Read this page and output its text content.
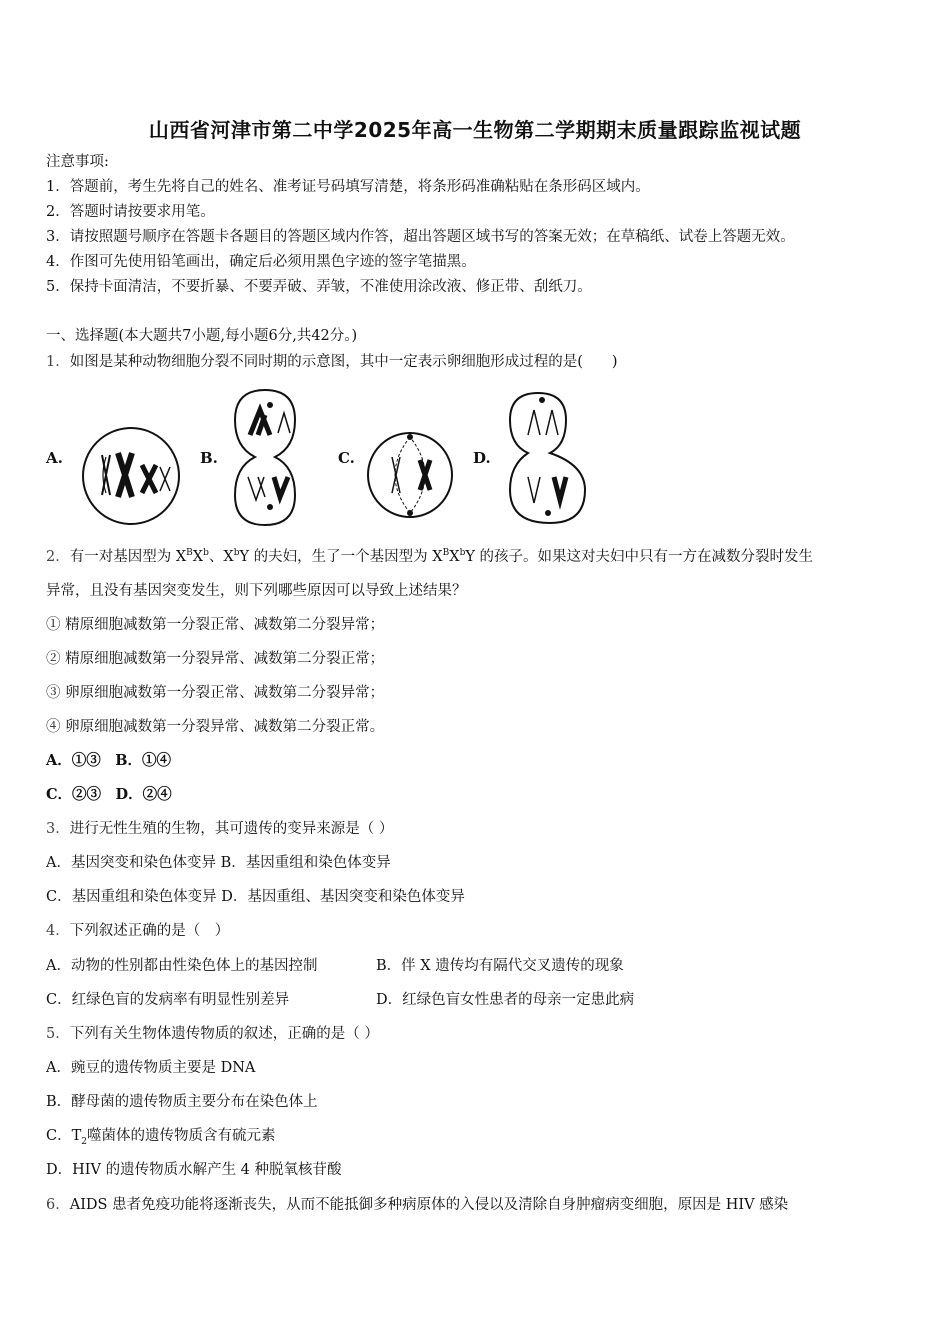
山西省河津市第二中学2025年高一生物第二学期期末质量跟踪监视试题
注意事项:
1．答题前，考生先将自己的姓名、准考证号码填写清楚，将条形码准确粘贴在条形码区域内。
2．答题时请按要求用笔。
3．请按照题号顺序在答题卡各题目的答题区域内作答，超出答题区域书写的答案无效；在草稿纸、试卷上答题无效。
4．作图可先使用铅笔画出，确定后必须用黑色字迹的签字笔描黑。
5．保持卡面清洁，不要折暴、不要弄破、弄皱，不准使用涂改液、修正带、刮纸刀。
一、选择题(本大题共7小题,每小题6分,共42分。)
1．如图是某种动物细胞分裂不同时期的示意图，其中一定表示卵细胞形成过程的是(　　)
A.	B.	C.	D.
2．有一对基因型为 $X^BX^b$、$X^bY$ 的夫妇，生了一个基因型为 $X^BX^bY$ 的孩子。如果这对夫妇中只有一方在减数分裂时发生
异常，且没有基因突变发生，则下列哪些原因可以导致上述结果？
① 精原细胞减数第一分裂正常、减数第二分裂异常；
② 精原细胞减数第一分裂异常、减数第二分裂正常；
③ 卵原细胞减数第一分裂正常、减数第二分裂异常；
④ 卵原细胞减数第一分裂异常、减数第二分裂正常。
A．①③　B．①④
C．②③　D．②④
3．进行无性生殖的生物，其可遗传的变异来源是（ ）
A．基因突变和染色体变异 B．基因重组和染色体变异
C．基因重组和染色体变异 D．基因重组、基因突变和染色体变异
4．下列叙述正确的是（　）
A．动物的性别都由性染色体上的基因控制	B．伴 X 遗传均有隔代交叉遗传的现象
C．红绿色盲的发病率有明显性别差异	D．红绿色盲女性患者的母亲一定患此病
5．下列有关生物体遗传物质的叙述，正确的是（ ）
A．豌豆的遗传物质主要是 DNA
B．酵母菌的遗传物质主要分布在染色体上
C．$T_2$噬菌体的遗传物质含有硫元素
D．HIV 的遗传物质水解产生 4 种脱氧核苷酸
6．AIDS 患者免疫功能将逐渐丧失，从而不能抵御多种病原体的入侵以及清除自身肿瘤病变细胞，原因是 HIV 感染
